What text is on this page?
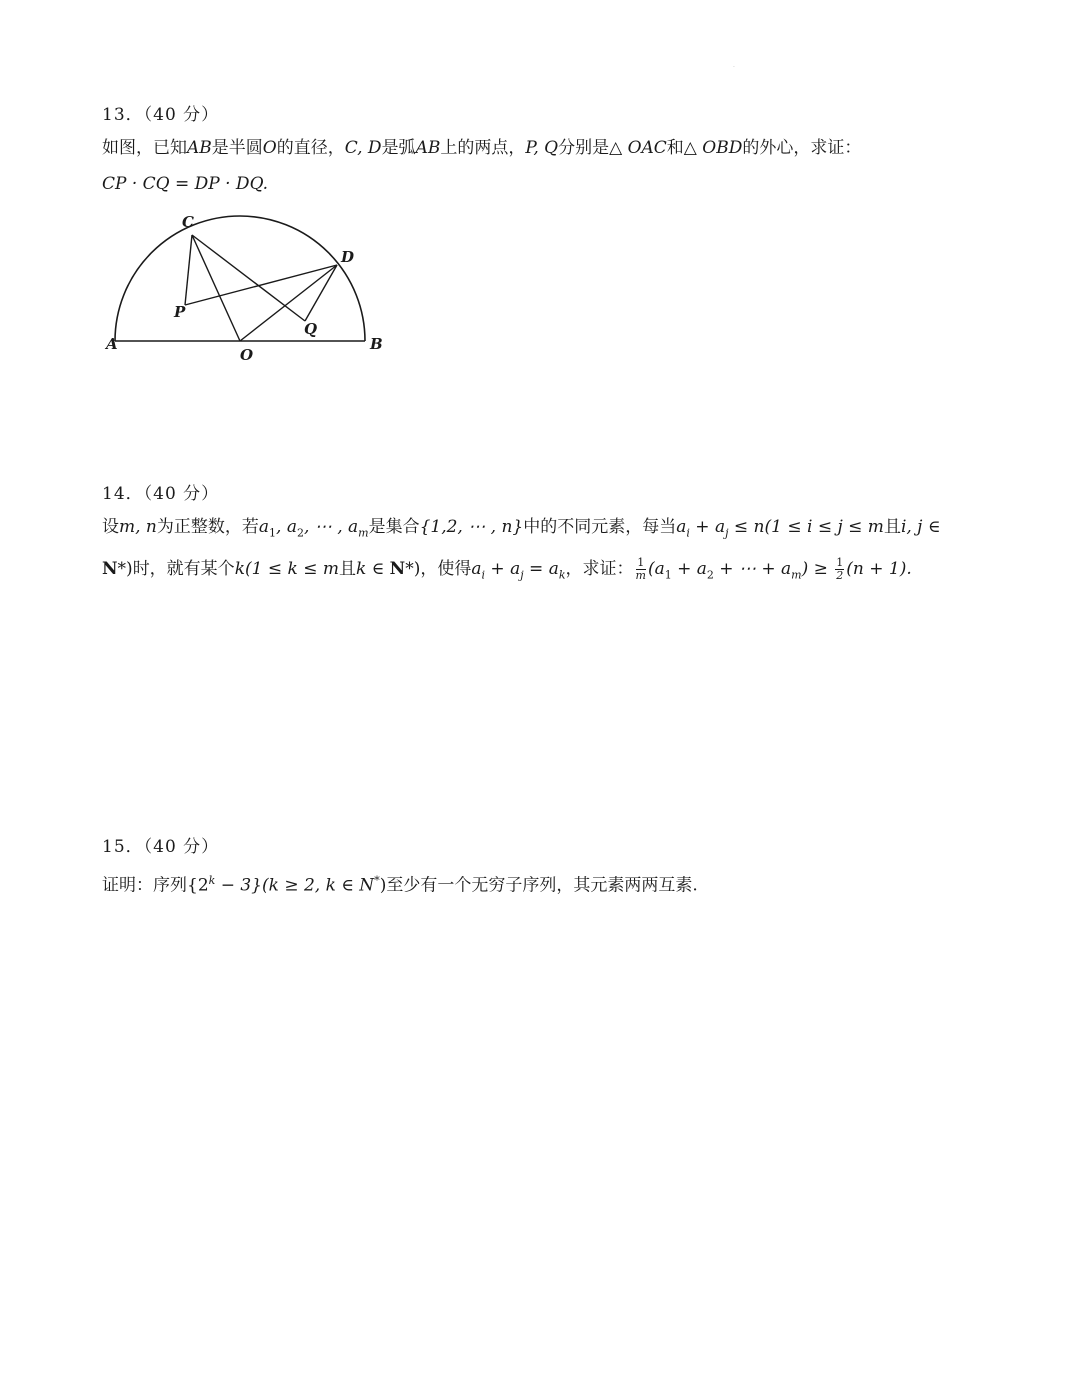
·
13．（40 分）
如图，已知AB是半圆O的直径，C, D是弧AB上的两点，P, Q分别是△ OAC和△ OBD的外心，求证：
CP · CQ = DP · DQ.
C
D
P
Q
A	B
O
14．（40 分）
设m, n为正整数，若$a_1$, $a_2$, ⋯ , $a_m$是集合{1,2, ⋯ , n}中的不同元素，每当$a_i + a_j \le n(1 \le i \le j \le m$且i, j ∈
N*)时，就有某个k(1 ≤ k ≤ m且k ∈ N*)，使得$a_i + a_j = a_k$，求证： $\frac{1}{m} (a_1 + a_2$ + ⋯ + $a_m) \ge \frac{1}{2} (n + 1)$.
15．（40 分）
证明：序列$\{2^k - 3\}(k \ge 2$, k ∈ N*)至少有一个无穷子序列，其元素两两互素.
